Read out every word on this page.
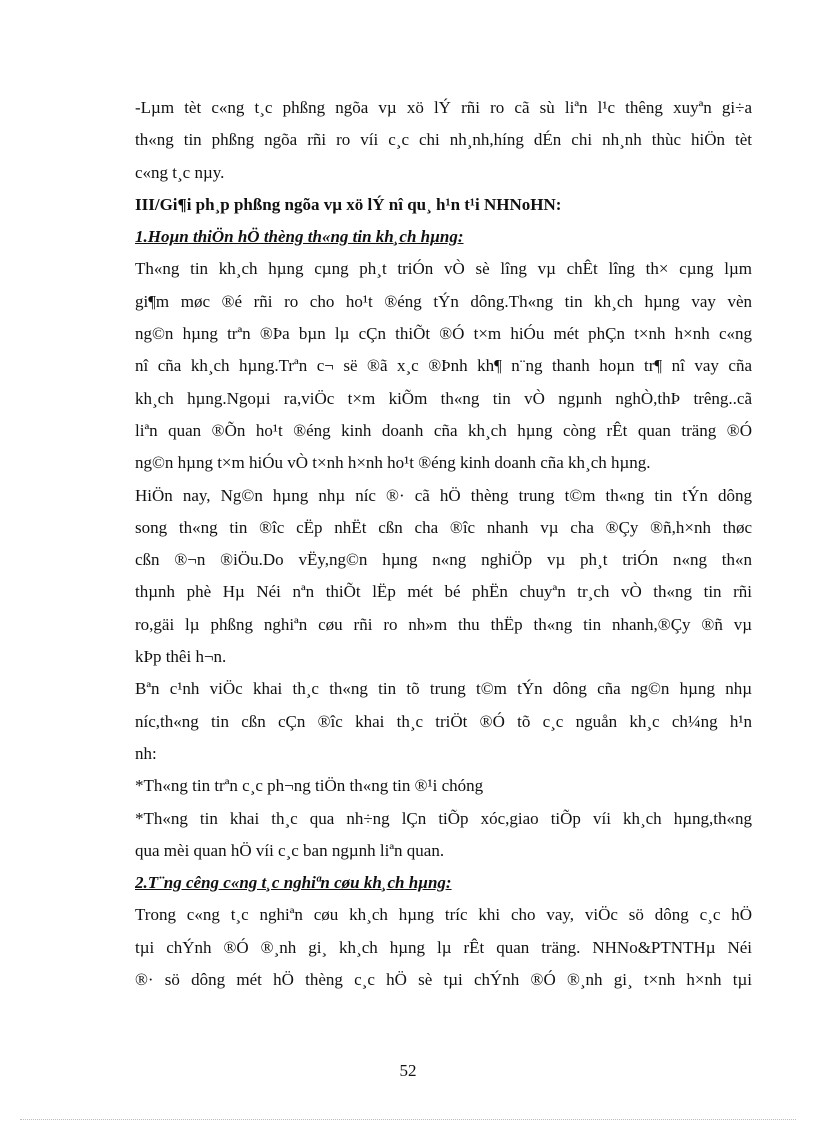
-Lµm tèt c«ng t¸c phßng ngõa vµ xö lÝ rñi ro cã sù liªn l¹c thêng xuyªn gi÷a
th«ng tin phßng ngõa rñi ro víi c¸c chi nh¸nh,híng dÉn chi nh¸nh thùc hiÖn tèt
c«ng t¸c nµy.
III/Gi¶i ph¸p phßng ngõa vµ xö lÝ nî qu¸ h¹n t¹i NHNoHN:
1.Hoµn thiÖn hÖ thèng th«ng tin kh¸ch hµng:
Th«ng tin kh¸ch hµng cµng ph¸t triÓn vÒ sè lîng vµ chÊt lîng th× cµng lµm
gi¶m møc ®é rñi ro cho ho¹t ®éng tÝn dông.Th«ng tin kh¸ch hµng vay vèn
ng©n hµng trªn ®Þa bµn lµ cÇn thiÕt ®Ó t×m hiÓu mét phÇn t×nh h×nh c«ng
nî cña kh¸ch hµng.Trªn c¬ së ®ã x¸c ®Þnh kh¶ n¨ng thanh hoµn tr¶ nî vay cña
kh¸ch hµng.Ngoµi ra,viÖc t×m kiÕm th«ng tin vÒ ngµnh nghÒ,thÞ trêng..cã
liªn quan ®Õn ho¹t ®éng kinh doanh cña kh¸ch hµng còng rÊt quan träng ®Ó
ng©n hµng t×m hiÓu vÒ t×nh h×nh ho¹t ®éng kinh doanh cña kh¸ch hµng.
HiÖn nay, Ng©n hµng nhµ níc ®· cã hÖ thèng trung t©m th«ng tin tÝn dông
song th«ng tin ®îc cËp nhËt cßn cha ®îc nhanh vµ cha ®Çy ®ñ,h×nh thøc
cßn ®¬n ®iÖu.Do vËy,ng©n hµng n«ng nghiÖp vµ ph¸t triÓn n«ng th«n
thµnh phè Hµ Néi nªn thiÕt lËp mét bé phËn chuyªn tr¸ch vÒ th«ng tin rñi
ro,gäi lµ phßng nghiªn cøu rñi ro nh»m thu thËp th«ng tin nhanh,®Çy ®ñ vµ
kÞp thêi h¬n.
Bªn c¹nh viÖc khai th¸c th«ng tin tõ trung t©m tÝn dông cña ng©n hµng nhµ
níc,th«ng tin cßn cÇn ®îc khai th¸c triÖt ®Ó tõ c¸c nguån kh¸c ch¼ng h¹n
nh:
*Th«ng tin trªn c¸c ph¬ng tiÖn th«ng tin ®¹i chóng
*Th«ng tin khai th¸c qua nh÷ng lÇn tiÕp xóc,giao tiÕp víi kh¸ch hµng,th«ng
qua mèi quan hÖ víi c¸c ban ngµnh liªn quan.
2.T¨ng cêng c«ng t¸c nghiªn cøu kh¸ch hµng:
Trong c«ng t¸c nghiªn cøu kh¸ch hµng tríc khi cho vay, viÖc sö dông c¸c hÖ
tµi chÝnh ®Ó ®¸nh gi¸ kh¸ch hµng lµ rÊt quan träng. NHNo&PTNTHµ Néi
®· sö dông mét hÖ thèng c¸c hÖ sè tµi chÝnh ®Ó ®¸nh gi¸ t×nh h×nh tµi
52
